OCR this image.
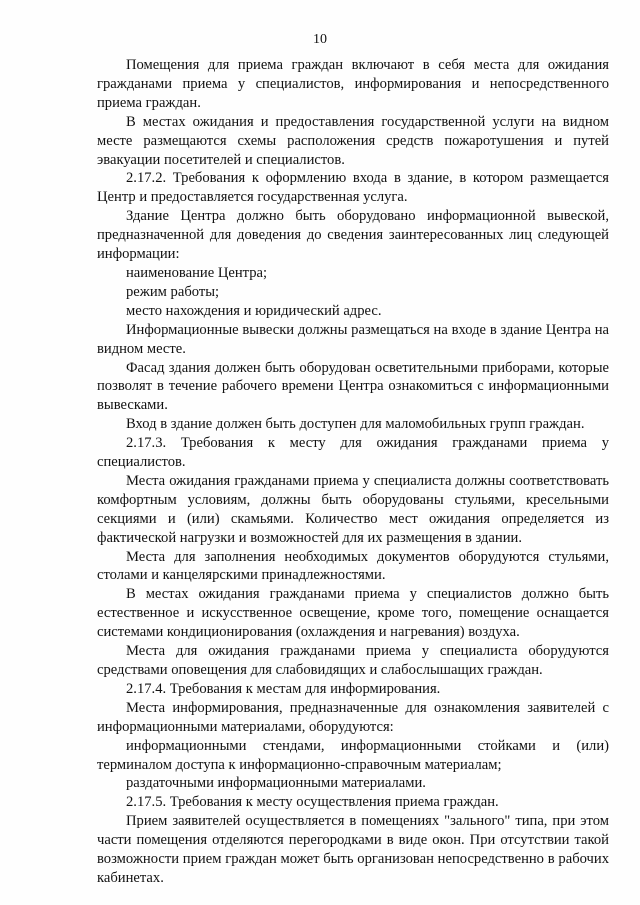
10

Помещения для приема граждан включают в себя места для ожидания гражданами приема у специалистов, информирования и непосредственного приема граждан.

В местах ожидания и предоставления государственной услуги на видном месте размещаются схемы расположения средств пожаротушения и путей эвакуации посетителей и специалистов.

2.17.2. Требования к оформлению входа в здание, в котором размещается Центр и предоставляется государственная услуга.

Здание Центра должно быть оборудовано информационной вывеской, предназначенной для доведения до сведения заинтересованных лиц следующей информации:

наименование Центра;

режим работы;

место нахождения и юридический адрес.

Информационные вывески должны размещаться на входе в здание Центра на видном месте.

Фасад здания должен быть оборудован осветительными приборами, которые позволят в течение рабочего времени Центра ознакомиться с информационными вывесками.

Вход в здание должен быть доступен для маломобильных групп граждан.

2.17.3. Требования к месту для ожидания гражданами приема у специалистов.

Места ожидания гражданами приема у специалиста должны соответствовать комфортным условиям, должны быть оборудованы стульями, кресельными секциями и (или) скамьями. Количество мест ожидания определяется из фактической нагрузки и возможностей для их размещения в здании.

Места для заполнения необходимых документов оборудуются стульями, столами и канцелярскими принадлежностями.

В местах ожидания гражданами приема у специалистов должно быть естественное и искусственное освещение, кроме того, помещение оснащается системами кондиционирования (охлаждения и нагревания) воздуха.

Места для ожидания гражданами приема у специалиста оборудуются средствами оповещения для слабовидящих и слабослышащих граждан.

2.17.4. Требования к местам для информирования.

Места информирования, предназначенные для ознакомления заявителей с информационными материалами, оборудуются:

информационными стендами, информационными стойками и (или) терминалом доступа к информационно-справочным материалам;

раздаточными информационными материалами.

2.17.5. Требования к месту осуществления приема граждан.

Прием заявителей осуществляется в помещениях "зального" типа, при этом части помещения отделяются перегородками в виде окон. При отсутствии такой возможности прием граждан может быть организован непосредственно в рабочих кабинетах.
